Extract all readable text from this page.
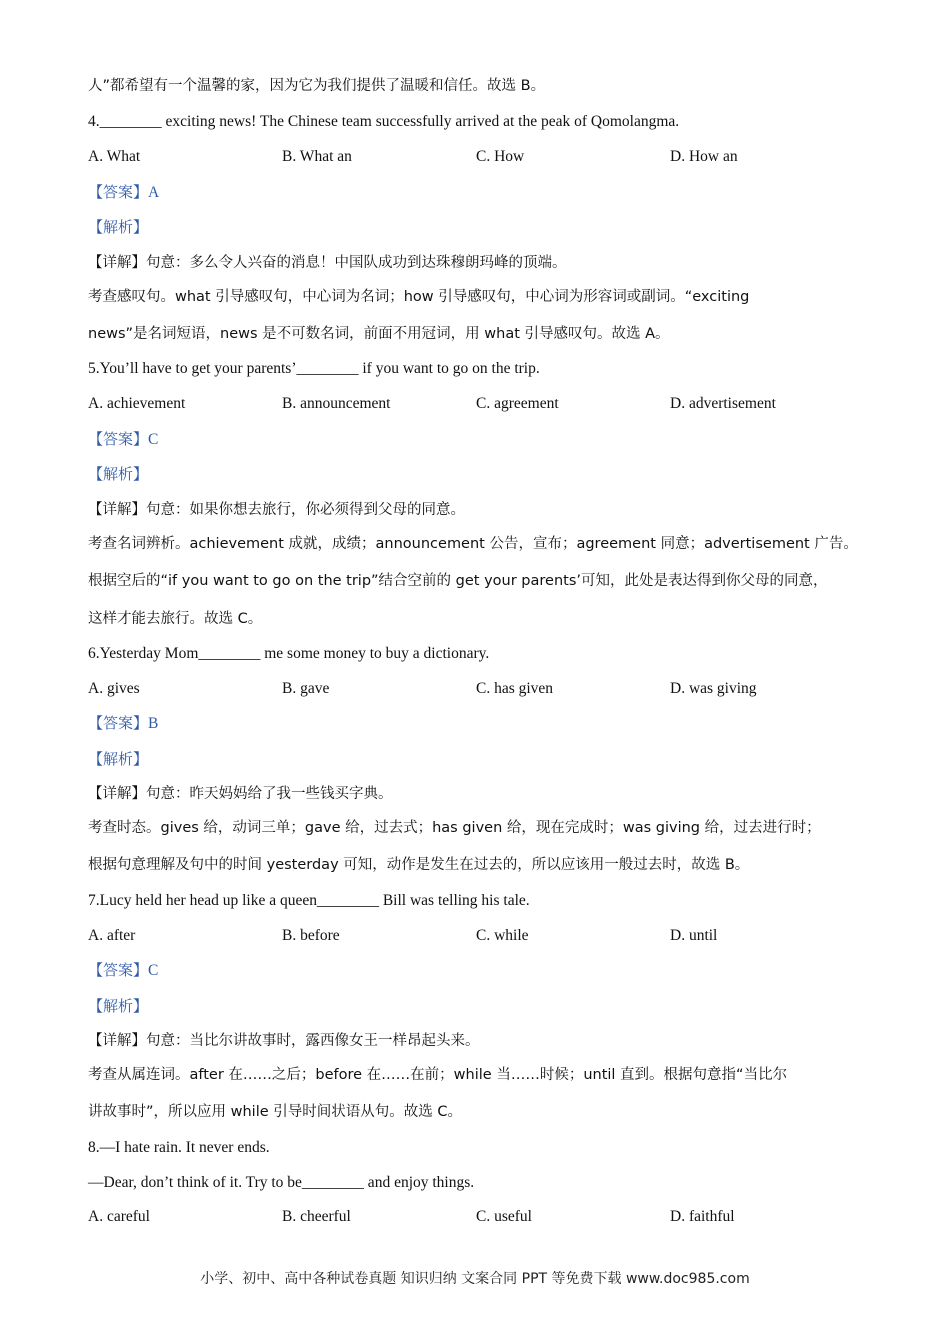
人”都希望有一个温馨的家，因为它为我们提供了温暖和信任。故选 B。
4.________ exciting news! The Chinese team successfully arrived at the peak of Qomolangma.
A. What	B. What an	C. How	D. How an
【答案】A
【解析】
【详解】句意：多么令人兴奋的消息！中国队成功到达珠穆朗玛峰的顶端。
考查感叹句。what 引导感叹句，中心词为名词；how 引导感叹句，中心词为形容词或副词。“exciting
news”是名词短语，news 是不可数名词，前面不用冠词，用 what 引导感叹句。故选 A。
5.You’ll have to get your parents’________ if you want to go on the trip.
A. achievement	B. announcement	C. agreement	D. advertisement
【答案】C
【解析】
【详解】句意：如果你想去旅行，你必须得到父母的同意。
考查名词辨析。achievement 成就，成绩；announcement 公告，宣布；agreement 同意；advertisement 广告。
根据空后的“if you want to go on the trip”结合空前的 get your parents’可知，此处是表达得到你父母的同意，
这样才能去旅行。故选 C。
6.Yesterday Mom________ me some money to buy a dictionary.
A. gives	B. gave	C. has given	D. was giving
【答案】B
【解析】
【详解】句意：昨天妈妈给了我一些钱买字典。
考查时态。gives 给，动词三单；gave 给，过去式；has given 给，现在完成时；was giving 给，过去进行时；
根据句意理解及句中的时间 yesterday 可知，动作是发生在过去的，所以应该用一般过去时，故选 B。
7.Lucy held her head up like a queen________ Bill was telling his tale.
A. after	B. before	C. while	D. until
【答案】C
【解析】
【详解】句意：当比尔讲故事时，露西像女王一样昂起头来。
考查从属连词。after 在……之后；before 在……在前；while 当……时候；until 直到。根据句意指“当比尔
讲故事时”，所以应用 while 引导时间状语从句。故选 C。
8.—I hate rain. It never ends.
—Dear, don’t think of it. Try to be________ and enjoy things.
A. careful	B. cheerful	C. useful	D. faithful
小学、初中、高中各种试卷真题 知识归纳 文案合同 PPT 等免费下载 www.doc985.com
